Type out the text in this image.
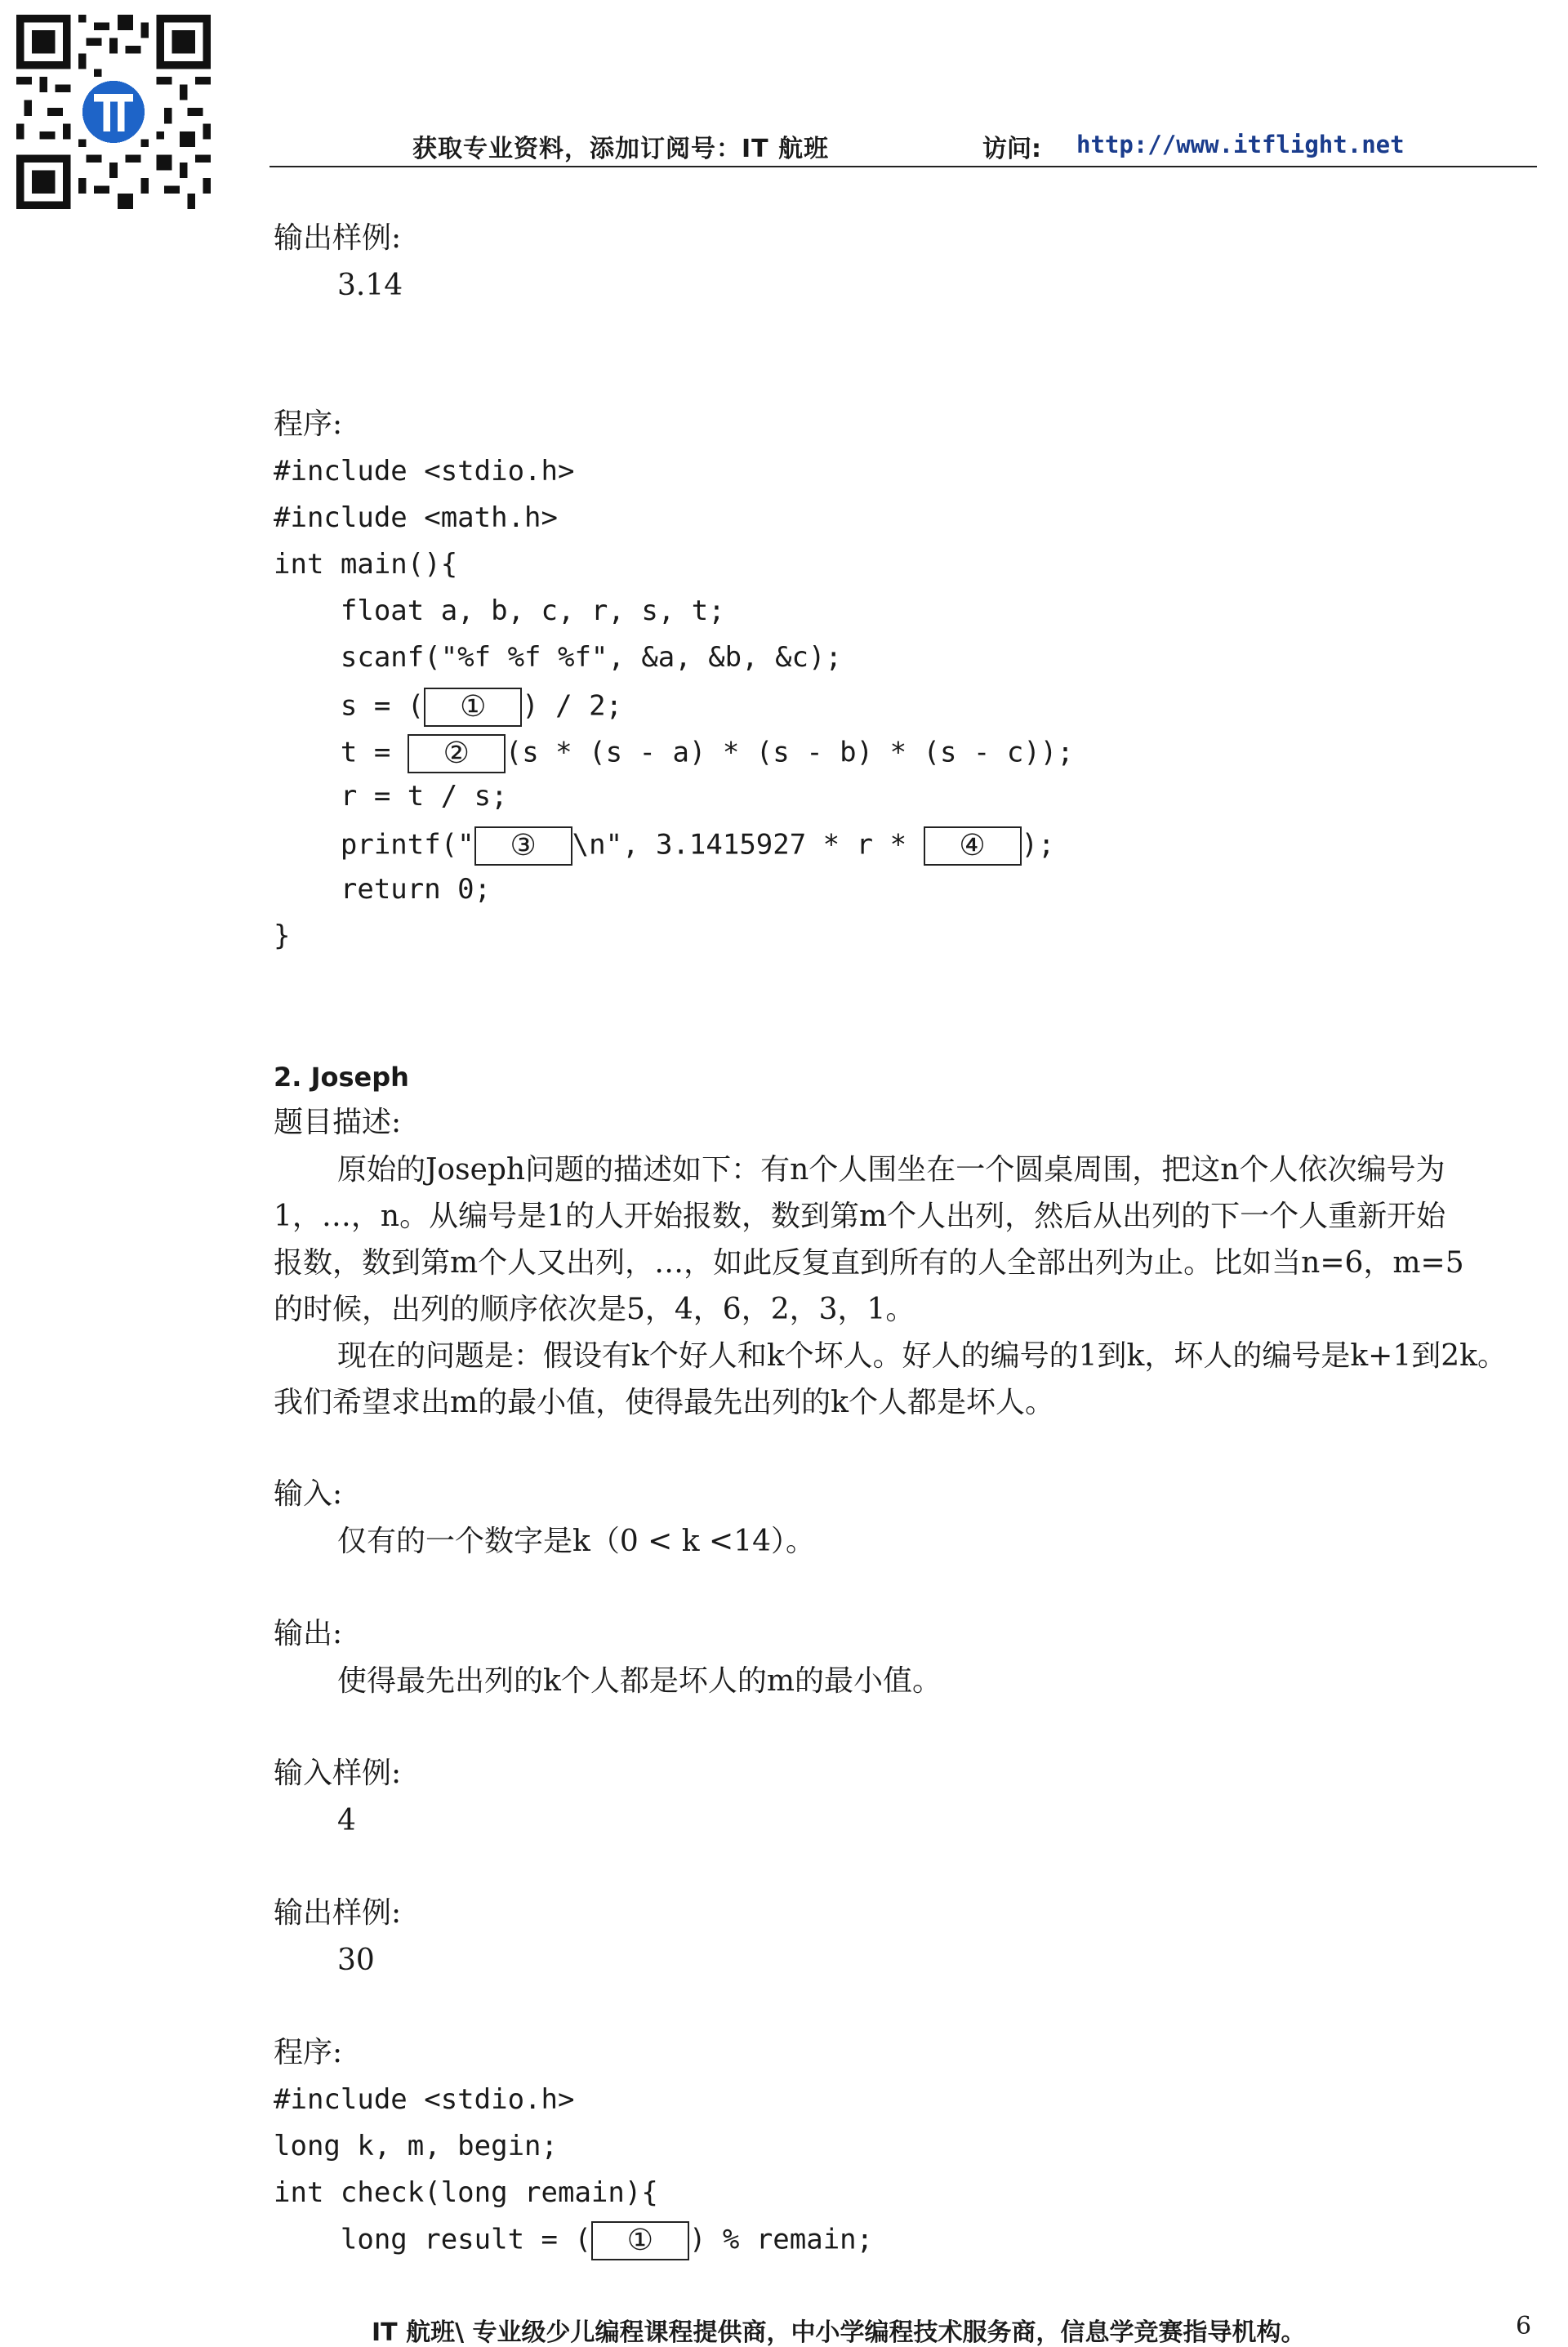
获取专业资料，添加订阅号：IT 航班	访问: http://www.itflight.net
输出样例:
3.14
程序:
#include <stdio.h>
#include <math.h>
int main(){
float a, b, c, r, s, t;
scanf("%f %f %f", &a, &b, &c);
s = ( ① ) / 2;
t = ② (s * (s - a) * (s - b) * (s - c));
r = t / s;
printf(" ③ \n", 3.1415927 * r * ④ );
return 0;
}
2. Joseph
题目描述:
原始的Joseph问题的描述如下：有n个人围坐在一个圆桌周围，把这n个人依次编号为
1，…，n。从编号是1的人开始报数，数到第m个人出列，然后从出列的下一个人重新开始
报数，数到第m个人又出列，…，如此反复直到所有的人全部出列为止。比如当n=6，m=5
的时候，出列的顺序依次是5，4，6，2，3，1。
现在的问题是：假设有k个好人和k个坏人。好人的编号的1到k，坏人的编号是k+1到2k。
我们希望求出m的最小值，使得最先出列的k个人都是坏人。
输入:
仅有的一个数字是k（0 < k <14）。
输出:
使得最先出列的k个人都是坏人的m的最小值。
输入样例:
4
输出样例:
30
程序:
#include <stdio.h>
long k, m, begin;
int check(long remain){
long result = ( ① ) % remain;
IT 航班\ 专业级少儿编程课程提供商，中小学编程技术服务商，信息学竞赛指导机构。	6
